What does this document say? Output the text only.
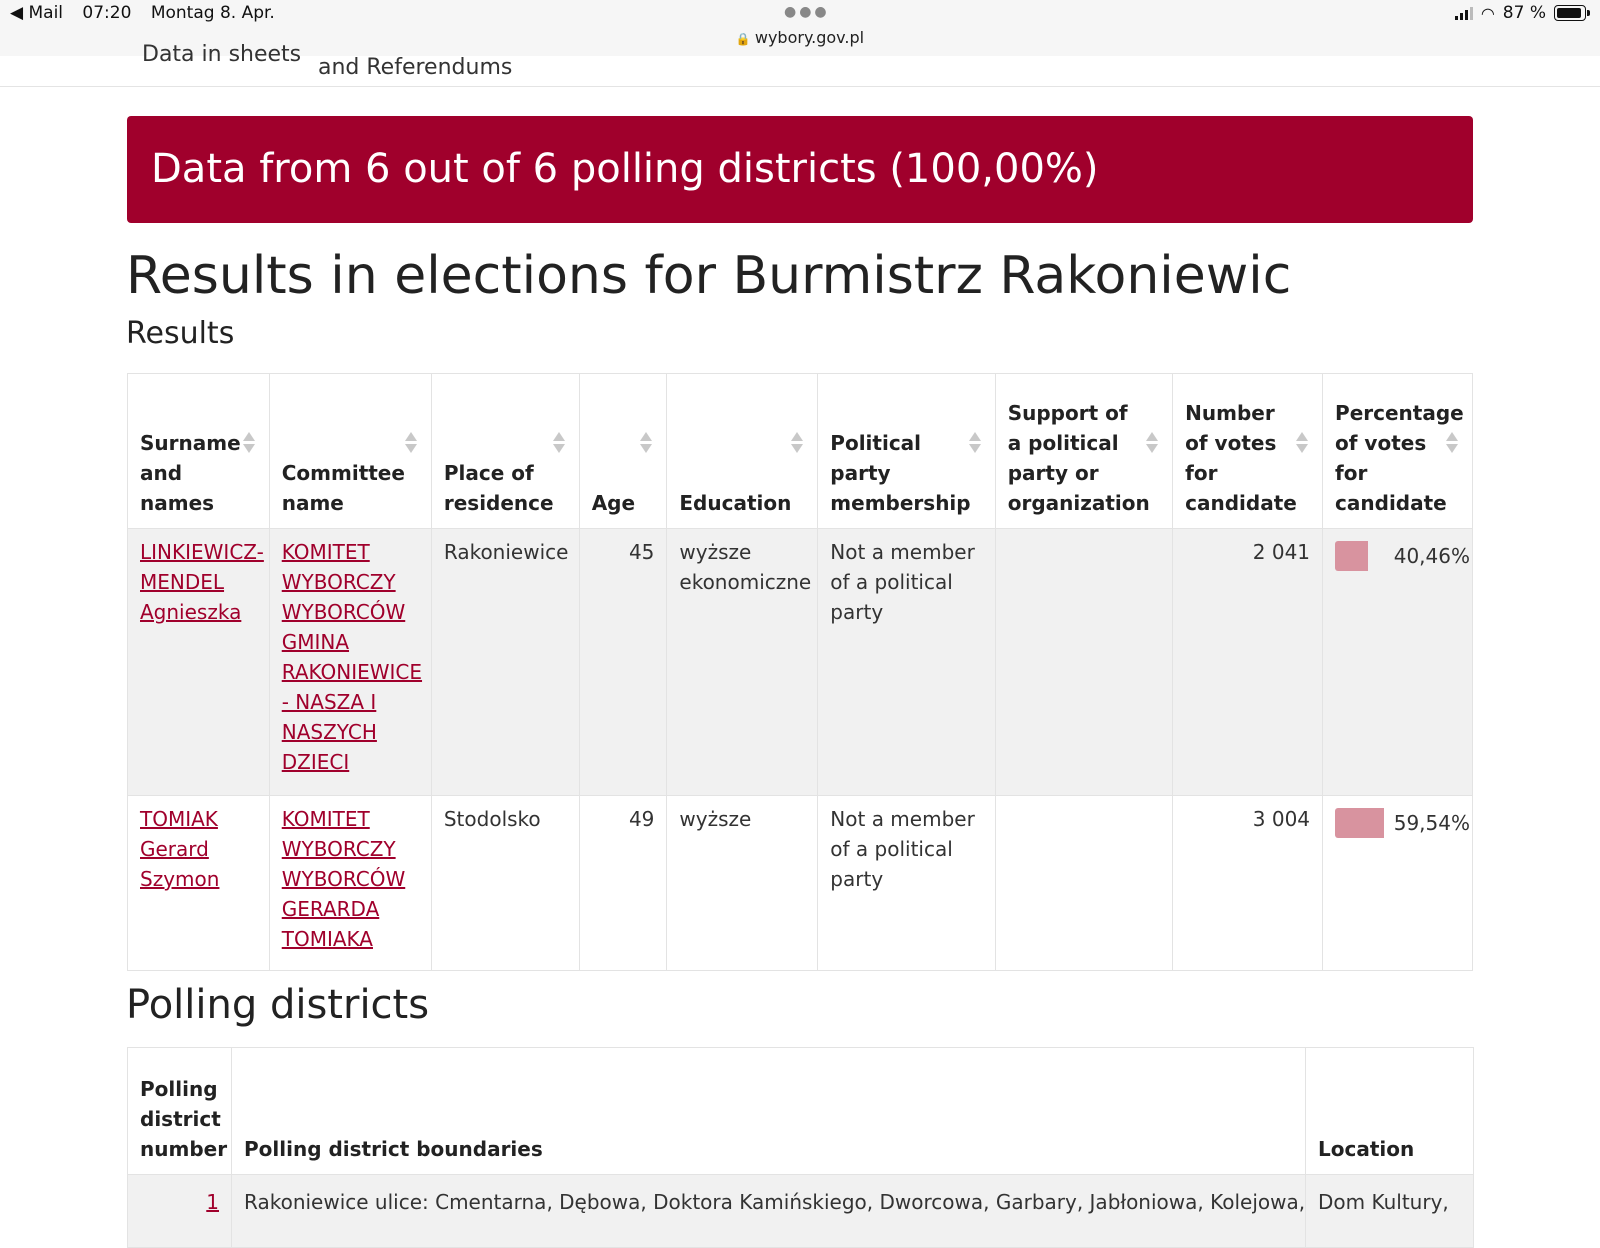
◀ Mail 07:20 Montag 8. Apr.	●●●
🔒 wybory.gov.pl
◠ 87 %
Data in sheets
and Referendums
Data from 6 out of 6 polling districts (100,00%)
Results in elections for Burmistrz Rakoniewic
Results
Surname and names	Committee name	Place of residence	Age	Education	Political party membership	Support of a political party or organization	Number of votes for candidate	Percentage of votes for candidate

LINKIEWICZ-MENDEL Agnieszka	KOMITET WYBORCZY WYBORCÓW GMINA RAKONIEWICE - NASZA I NASZYCH DZIECI	Rakoniewice	45	wyższe ekonomiczne	Not a member of a political party		2 041	40,46%

TOMIAK Gerard Szymon	KOMITET WYBORCZY WYBORCÓW GERARDA TOMIAKA	Stodolsko	49	wyższe	Not a member of a political party		3 004	59,54%
Polling districts
Polling district number	Polling district boundaries	Location
1	Rakoniewice ulice: Cmentarna, Dębowa, Doktora Kamińskiego, Dworcowa, Garbary, Jabłoniowa, Kolejowa,	Dom Kultury,
